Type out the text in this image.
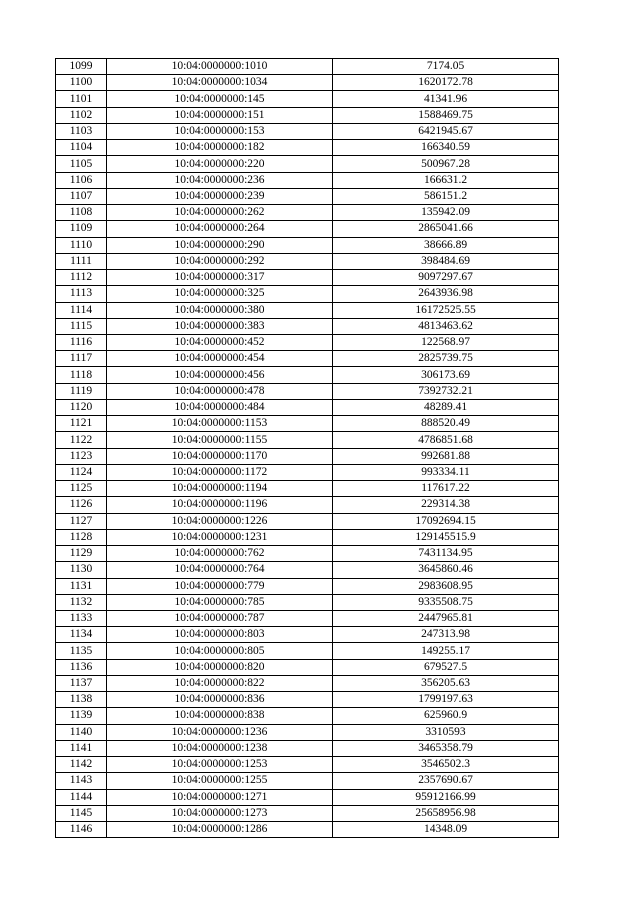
1099	10:04:0000000:1010	7174.05
1100	10:04:0000000:1034	1620172.78
1101	10:04:0000000:145	41341.96
1102	10:04:0000000:151	1588469.75
1103	10:04:0000000:153	6421945.67
1104	10:04:0000000:182	166340.59
1105	10:04:0000000:220	500967.28
1106	10:04:0000000:236	166631.2
1107	10:04:0000000:239	586151.2
1108	10:04:0000000:262	135942.09
1109	10:04:0000000:264	2865041.66
1110	10:04:0000000:290	38666.89
1111	10:04:0000000:292	398484.69
1112	10:04:0000000:317	9097297.67
1113	10:04:0000000:325	2643936.98
1114	10:04:0000000:380	16172525.55
1115	10:04:0000000:383	4813463.62
1116	10:04:0000000:452	122568.97
1117	10:04:0000000:454	2825739.75
1118	10:04:0000000:456	306173.69
1119	10:04:0000000:478	7392732.21
1120	10:04:0000000:484	48289.41
1121	10:04:0000000:1153	888520.49
1122	10:04:0000000:1155	4786851.68
1123	10:04:0000000:1170	992681.88
1124	10:04:0000000:1172	993334.11
1125	10:04:0000000:1194	117617.22
1126	10:04:0000000:1196	229314.38
1127	10:04:0000000:1226	17092694.15
1128	10:04:0000000:1231	129145515.9
1129	10:04:0000000:762	7431134.95
1130	10:04:0000000:764	3645860.46
1131	10:04:0000000:779	2983608.95
1132	10:04:0000000:785	9335508.75
1133	10:04:0000000:787	2447965.81
1134	10:04:0000000:803	247313.98
1135	10:04:0000000:805	149255.17
1136	10:04:0000000:820	679527.5
1137	10:04:0000000:822	356205.63
1138	10:04:0000000:836	1799197.63
1139	10:04:0000000:838	625960.9
1140	10:04:0000000:1236	3310593
1141	10:04:0000000:1238	3465358.79
1142	10:04:0000000:1253	3546502.3
1143	10:04:0000000:1255	2357690.67
1144	10:04:0000000:1271	95912166.99
1145	10:04:0000000:1273	25658956.98
1146	10:04:0000000:1286	14348.09
